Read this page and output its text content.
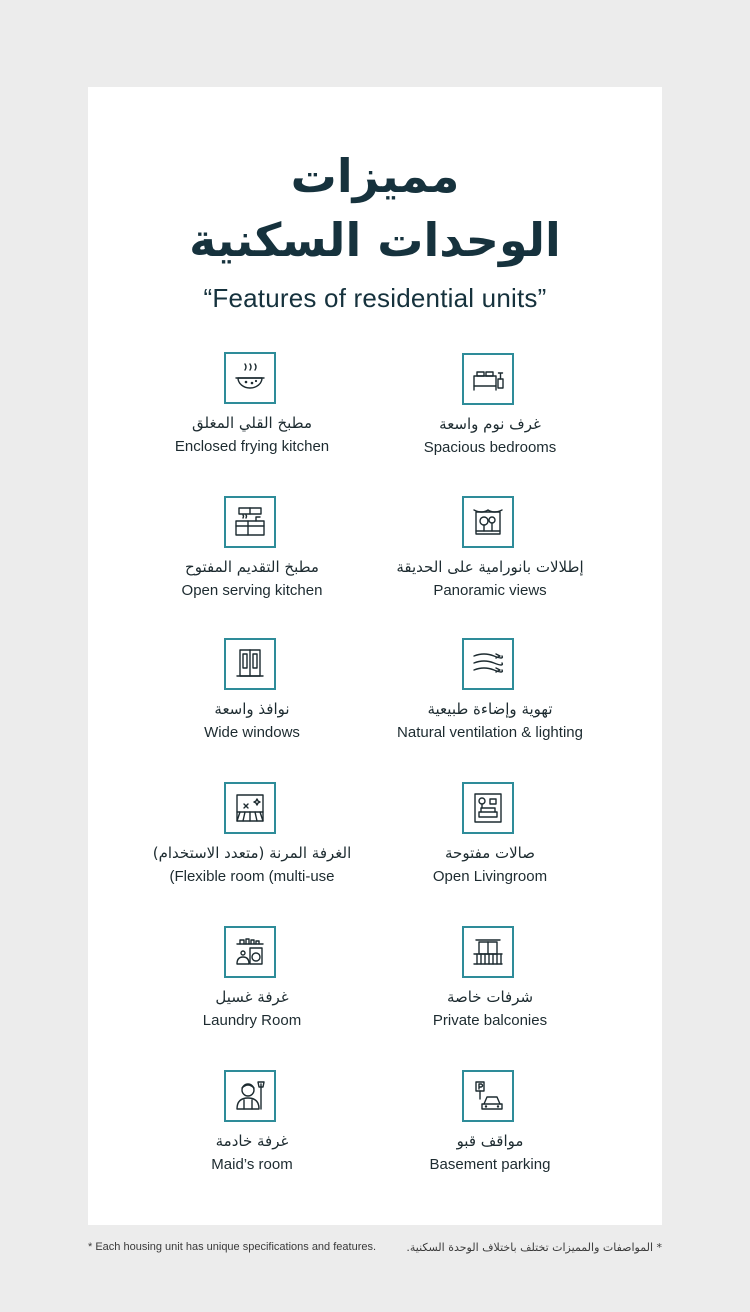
مميزات
الوحدات السكنية
“Features of residential units”
مطبخ القلي المغلق
Enclosed frying kitchen
غرف نوم واسعة
Spacious bedrooms
مطبخ التقديم المفتوح
Open serving kitchen
إطلالات بانورامية على الحديقة
Panoramic views
نوافذ واسعة
Wide windows
تهوية وإضاءة طبيعية
Natural ventilation & lighting
الغرفة المرنة (متعدد الاستخدام)
(Flexible room (multi-use
صالات مفتوحة
Open Livingroom
غرفة غسيل
Laundry Room
شرفات خاصة
Private balconies
غرفة خادمة
Maid’s room
مواقف قبو
Basement parking
* Each housing unit has unique specifications and features.	* المواصفات والمميزات تختلف باختلاف الوحدة السكنية.
